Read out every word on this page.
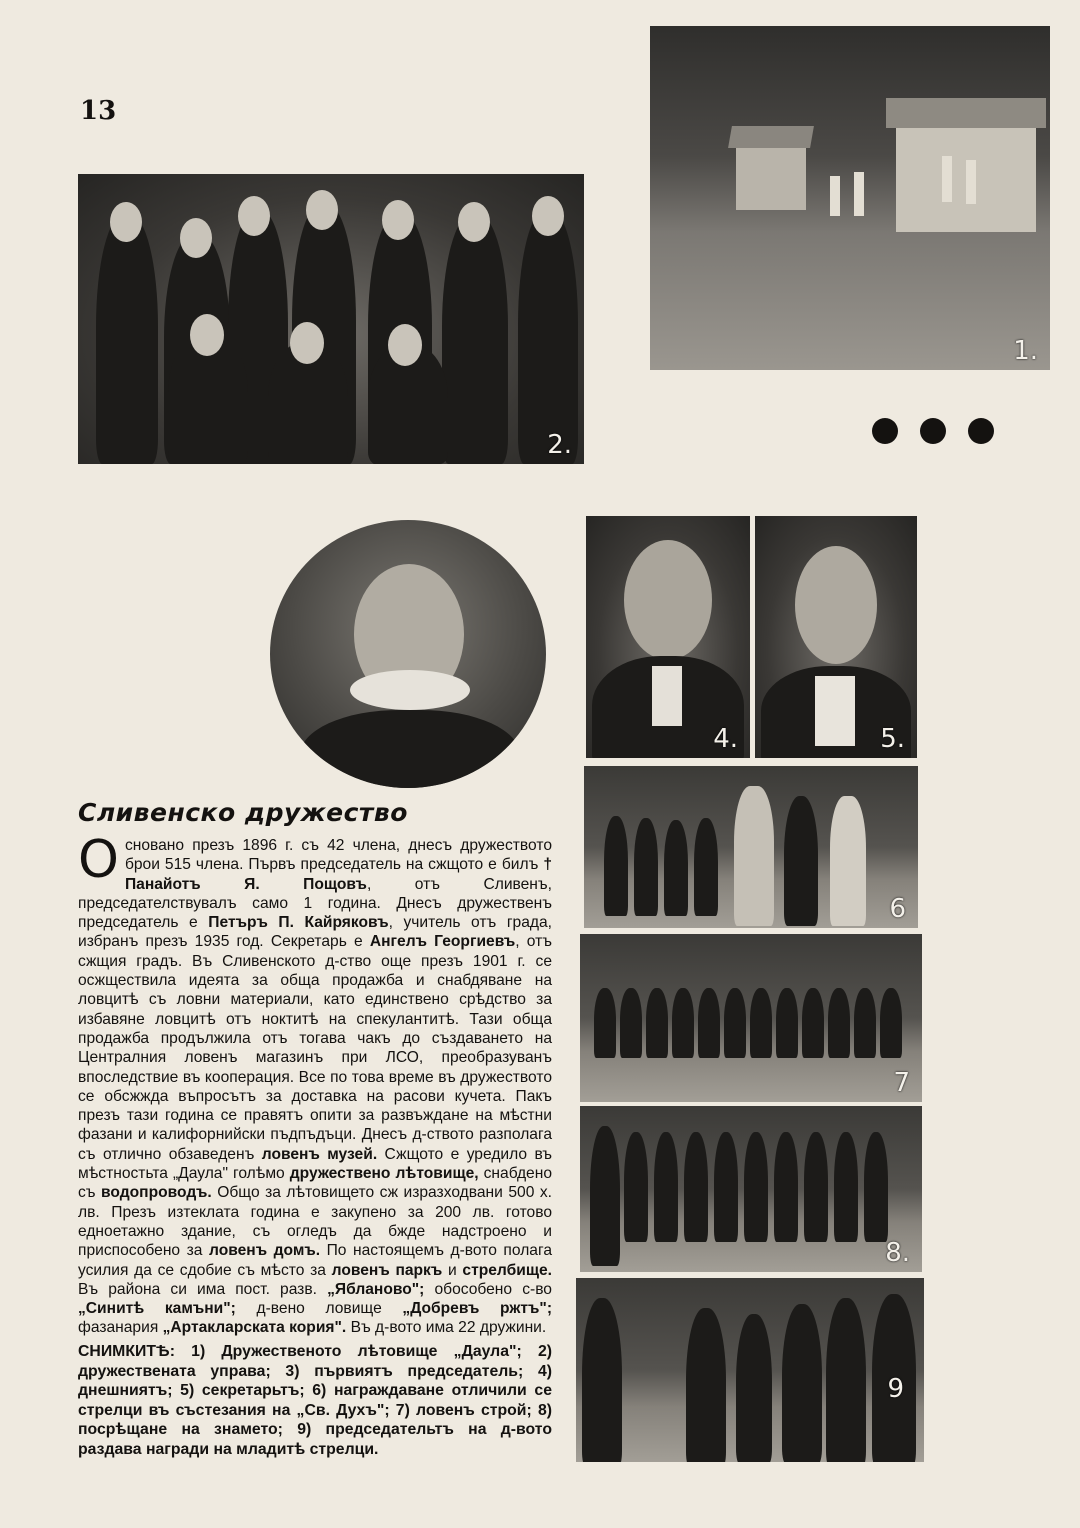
13
2.
1.
3.
4.	5.
6
7
8.
9
Сливенско дружество

Основано презъ 1896 г. съ 42 члена, днесъ дружеството брои 515 члена. Първъ председатель на сжщото е билъ † Панайотъ Я. Пощовъ, отъ Сливенъ, председателствувалъ само 1 година. Днесъ дружественъ председатель е Петъръ П. Кайряковъ, учитель отъ града, избранъ презъ 1935 год. Секретарь е Ангелъ Георгиевъ, отъ сжщия градъ. Въ Сливенското д-ство още презъ 1901 г. се осжществила идеята за обща продажба и снабдяване на ловцитѣ съ ловни материали, като единствено срѣдство за избавяне ловцитѣ отъ ноктитѣ на спекулантитѣ. Тази обща продажба продължила отъ тогава чакъ до създаването на Централния ловенъ магазинъ при ЛСО, преобразуванъ впоследствие въ кооперация. Все по това време въ дружеството се обсжжда въпросътъ за доставка на расови кучета. Пакъ презъ тази година се правятъ опити за развъждане на мѣстни фазани и калифорнийски пъдпъдъци. Днесъ д-ството разполага съ отлично обзаведенъ ловенъ музей. Сжщото е уредило въ мѣстностьта „Даула" голѣмо дружествено лѣтовище, снабдено съ водопроводъ. Общо за лѣтовището сж изразходвани 500 х. лв. Презъ изтеклата година е закупено за 200 лв. готово едноетажно здание, съ огледъ да бжде надстроено и приспособено за ловенъ домъ. По настоящемъ д-вото полага усилия да се сдобие съ мѣсто за ловенъ паркъ и стрелбище. Въ района си има пост. разв. „Ябланово"; обособено с-во „Синитѣ камъни"; д-вено ловище „Добревъ ржтъ"; фазанария „Артакларската кория". Въ д-вото има 22 дружини.

СНИМКИТѢ: 1) Дружественото лѣтовище „Даула"; 2) дружествената управа; 3) първиятъ председатель; 4) днешниятъ; 5) секретарьтъ; 6) награждаване отличили се стрелци въ състезания на „Св. Духъ"; 7) ловенъ строй; 8) посрѣщане на знамето; 9) председательтъ на д-вото раздава награди на младитѣ стрелци.
